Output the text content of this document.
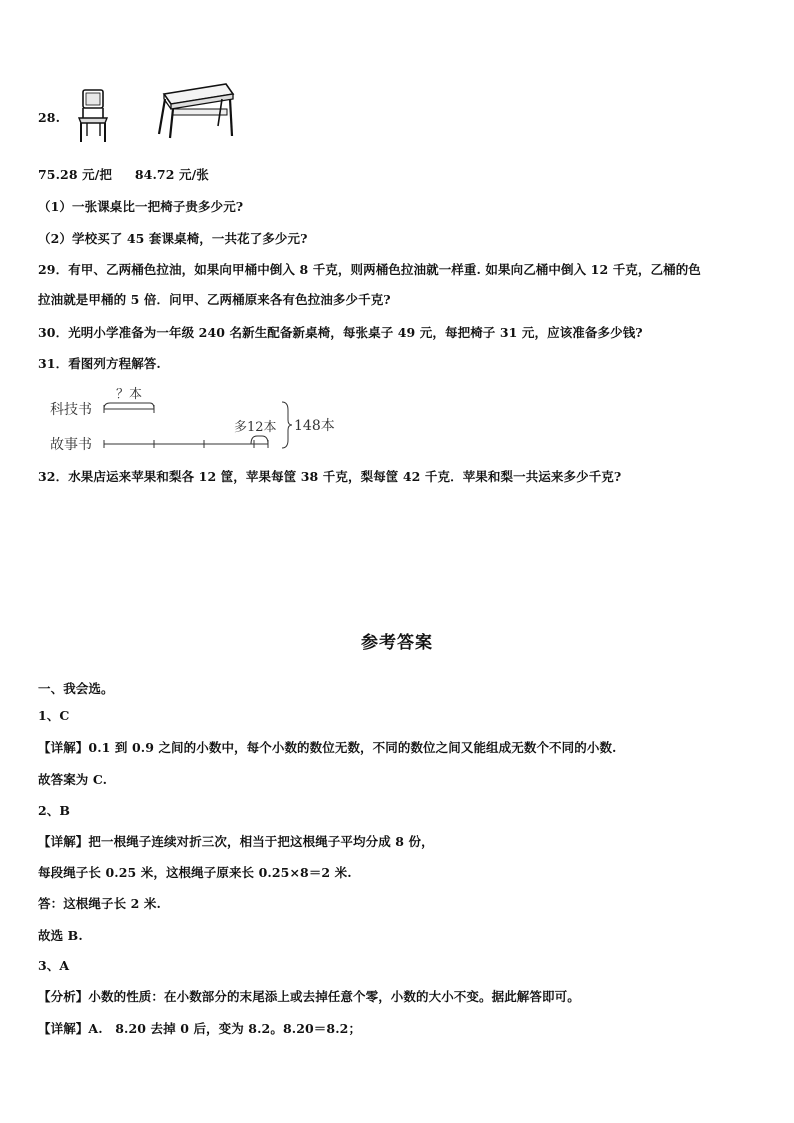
28.
75.28 元/把 84.72 元/张
（1）一张课桌比一把椅子贵多少元?
（2）学校买了 45 套课桌椅，一共花了多少元?
29．有甲、乙两桶色拉油，如果向甲桶中倒入 8 千克，则两桶色拉油就一样重. 如果向乙桶中倒入 12 千克，乙桶的色
拉油就是甲桶的 5 倍．问甲、乙两桶原来各有色拉油多少千克?
30．光明小学准备为一年级 240 名新生配备新桌椅，每张桌子 49 元，每把椅子 31 元，应该准备多少钱?
31．看图列方程解答.
科技书
？本
故事书
多12本 148本
32．水果店运来苹果和梨各 12 筐，苹果每筐 38 千克，梨每筐 42 千克．苹果和梨一共运来多少千克?
参考答案
一、我会选。
1、C
【详解】0.1 到 0.9 之间的小数中，每个小数的数位无数，不同的数位之间又能组成无数个不同的小数.
故答案为 C.
2、B
【详解】把一根绳子连续对折三次，相当于把这根绳子平均分成 8 份，
每段绳子长 0.25 米，这根绳子原来长 0.25×8＝2 米.
答：这根绳子长 2 米.
故选 B.
3、A
【分析】小数的性质：在小数部分的末尾添上或去掉任意个零，小数的大小不变。据此解答即可。
【详解】A.　8.20 去掉 0 后，变为 8.2。8.20＝8.2；
